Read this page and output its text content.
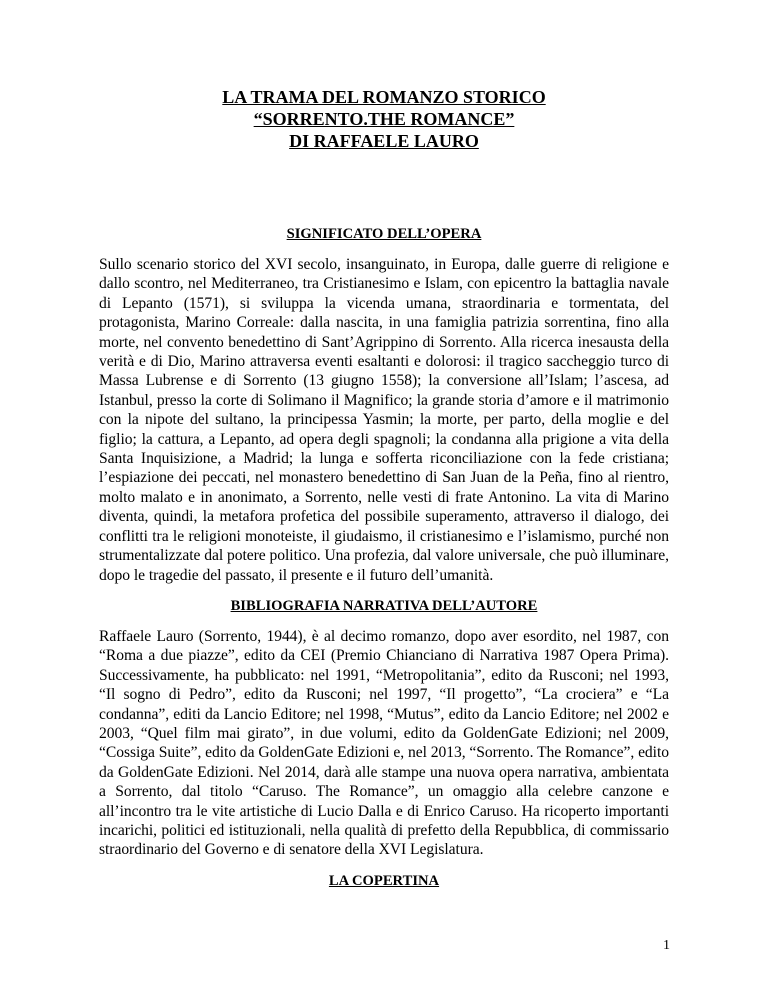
LA TRAMA DEL ROMANZO STORICO
“SORRENTO.THE ROMANCE”
DI RAFFAELE LAURO
SIGNIFICATO DELL’OPERA
Sullo scenario storico del XVI secolo, insanguinato, in Europa, dalle guerre di religione e dallo scontro, nel Mediterraneo, tra Cristianesimo e Islam, con epicentro la battaglia navale di Lepanto (1571), si sviluppa la vicenda umana, straordinaria e tormentata, del protagonista, Marino Correale: dalla nascita, in una famiglia patrizia sorrentina, fino alla morte, nel convento benedettino di Sant’Agrippino di Sorrento. Alla ricerca inesausta della verità e di Dio, Marino attraversa eventi esaltanti e dolorosi: il tragico saccheggio turco di Massa Lubrense e di Sorrento (13 giugno 1558); la conversione all’Islam; l’ascesa, ad Istanbul, presso la corte di Solimano il Magnifico; la grande storia d’amore e il matrimonio con la nipote del sultano, la principessa Yasmin; la morte, per parto, della moglie e del figlio; la cattura, a Lepanto, ad opera degli spagnoli; la condanna alla prigione a vita della Santa Inquisizione, a Madrid; la lunga e sofferta riconciliazione con la fede cristiana; l’espiazione dei peccati, nel monastero benedettino di San Juan de la Peña, fino al rientro, molto malato e in anonimato, a Sorrento, nelle vesti di frate Antonino. La vita di Marino diventa, quindi, la metafora profetica del possibile superamento, attraverso il dialogo, dei conflitti tra le religioni monoteiste, il giudaismo, il cristianesimo e l’islamismo, purché non strumentalizzate dal potere politico. Una profezia, dal valore universale, che può illuminare, dopo le tragedie del passato, il presente e il futuro dell’umanità.
BIBLIOGRAFIA NARRATIVA DELL’AUTORE
Raffaele Lauro (Sorrento, 1944), è al decimo romanzo, dopo aver esordito, nel 1987, con “Roma a due piazze”, edito da CEI (Premio Chianciano di Narrativa 1987 Opera Prima). Successivamente, ha pubblicato: nel 1991, “Metropolitania”, edito da Rusconi; nel 1993, “Il sogno di Pedro”, edito da Rusconi; nel 1997, “Il progetto”, “La crociera” e “La condanna”, editi da Lancio Editore; nel 1998, “Mutus”, edito da Lancio Editore; nel 2002 e 2003, “Quel film mai girato”, in due volumi, edito da GoldenGate Edizioni; nel 2009, “Cossiga Suite”, edito da GoldenGate Edizioni e, nel 2013, “Sorrento. The Romance”, edito da GoldenGate Edizioni. Nel 2014, darà alle stampe una nuova opera narrativa, ambientata a Sorrento, dal titolo “Caruso. The Romance”, un omaggio alla celebre canzone e all’incontro tra le vite artistiche di Lucio Dalla e di Enrico Caruso. Ha ricoperto importanti incarichi, politici ed istituzionali, nella qualità di prefetto della Repubblica, di commissario straordinario del Governo e di senatore della XVI Legislatura.
LA COPERTINA
1
